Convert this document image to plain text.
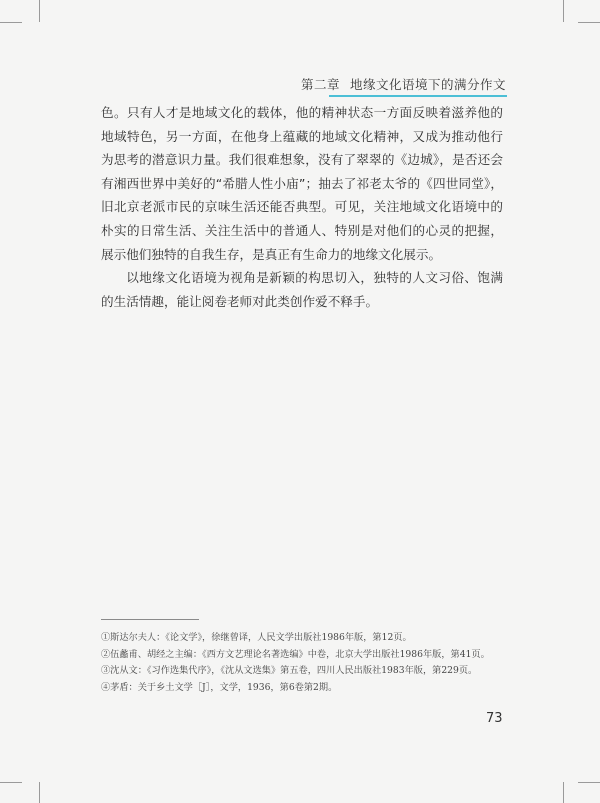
第二章 地缘文化语境下的满分作文

色。只有人才是地域文化的载体，他的精神状态一方面反映着滋养他的地域特色，另一方面，在他身上蕴藏的地域文化精神，又成为推动他行为思考的潜意识力量。我们很难想象，没有了翠翠的《边城》，是否还会有湘西世界中美好的“希腊人性小庙”；抽去了祁老太爷的《四世同堂》，旧北京老派市民的京味生活还能否典型。可见，关注地域文化语境中的朴实的日常生活、关注生活中的普通人、特别是对他们的心灵的把握，展示他们独特的自我生存，是真正有生命力的地缘文化展示。

以地缘文化语境为视角是新颖的构思切入，独特的人文习俗、饱满的生活情趣，能让阅卷老师对此类创作爱不释手。

①斯达尔夫人：《论文学》，徐继曾译，人民文学出版社1986年版，第12页。
②伍蠡甫、胡经之主编：《西方文艺理论名著选编》中卷，北京大学出版社1986年版，第41页。
③沈从文：《习作选集代序》，《沈从文选集》第五卷，四川人民出版社1983年版，第229页。
④茅盾：关于乡土文学［J］，文学，1936，第6卷第2期。
73
